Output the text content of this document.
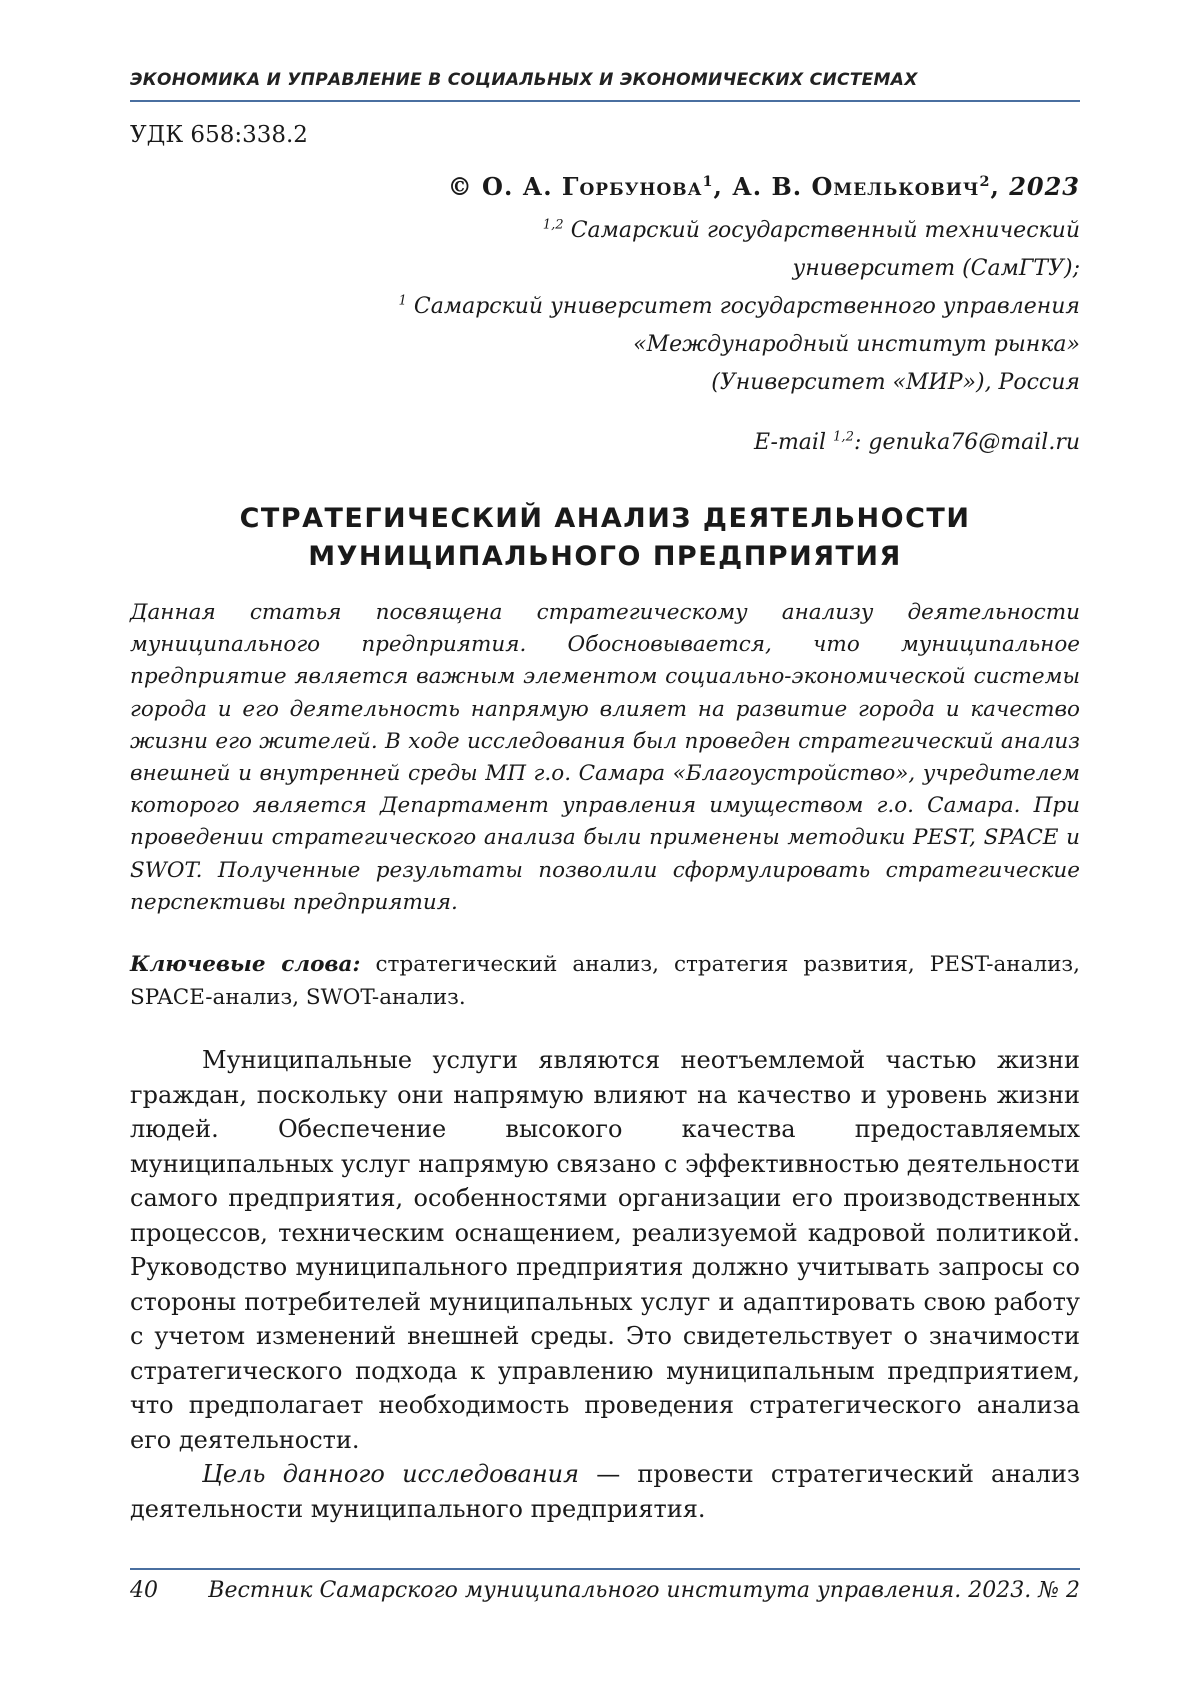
ЭКОНОМИКА И УПРАВЛЕНИЕ В СОЦИАЛЬНЫХ И ЭКОНОМИЧЕСКИХ СИСТЕМАХ
УДК 658:338.2
© О. А. Горбунова$^1$, А. В. Омелькович$^2$, 2023

$^{1,2}$ Самарский государственный технический

университет (СамГТУ);

$^1$ Самарский университет государственного управления

«Международный институт рынка»

(Университет «МИР»), Россия

E-mail $^{1,2}$: genuka76@mail.ru

СТРАТЕГИЧЕСКИЙ АНАЛИЗ ДЕЯТЕЛЬНОСТИ

МУНИЦИПАЛЬНОГО ПРЕДПРИЯТИЯ

Данная статья посвящена стратегическому анализу деятельности муниципального предприятия. Обосновывается, что муниципальное предприятие является важным элементом социально-экономической системы города и его деятельность напрямую влияет на развитие города и качество жизни его жителей. В ходе исследования был проведен стратегический анализ внешней и внутренней среды МП г.о. Самара «Благоустройство», учредителем которого является Департамент управления имуществом г.о. Самара. При проведении стратегического анализа были применены методики PEST, SPACE и SWOT. Полученные результаты позволили сформулировать стратегические перспективы предприятия.

Ключевые слова: стратегический анализ, стратегия развития, PEST-анализ, SPACE-анализ, SWOT-анализ.

Муниципальные услуги являются неотъемлемой частью жизни граждан, поскольку они напрямую влияют на качество и уровень жизни людей. Обеспечение высокого качества предоставляемых муниципальных услуг напрямую связано с эффективностью деятельности самого предприятия, особенностями организации его производственных процессов, техническим оснащением, реализуемой кадровой политикой. Руководство муниципального предприятия должно учитывать запросы со стороны потребителей муниципальных услуг и адаптировать свою работу с учетом изменений внешней среды. Это свидетельствует о значимости стратегического подхода к управлению муниципальным предприятием, что предполагает необходимость проведения стратегического анализа его деятельности.

Цель данного исследования — провести стратегический анализ деятельности муниципального предприятия.

40 Вестник Самарского муниципального института управления. 2023. № 2
